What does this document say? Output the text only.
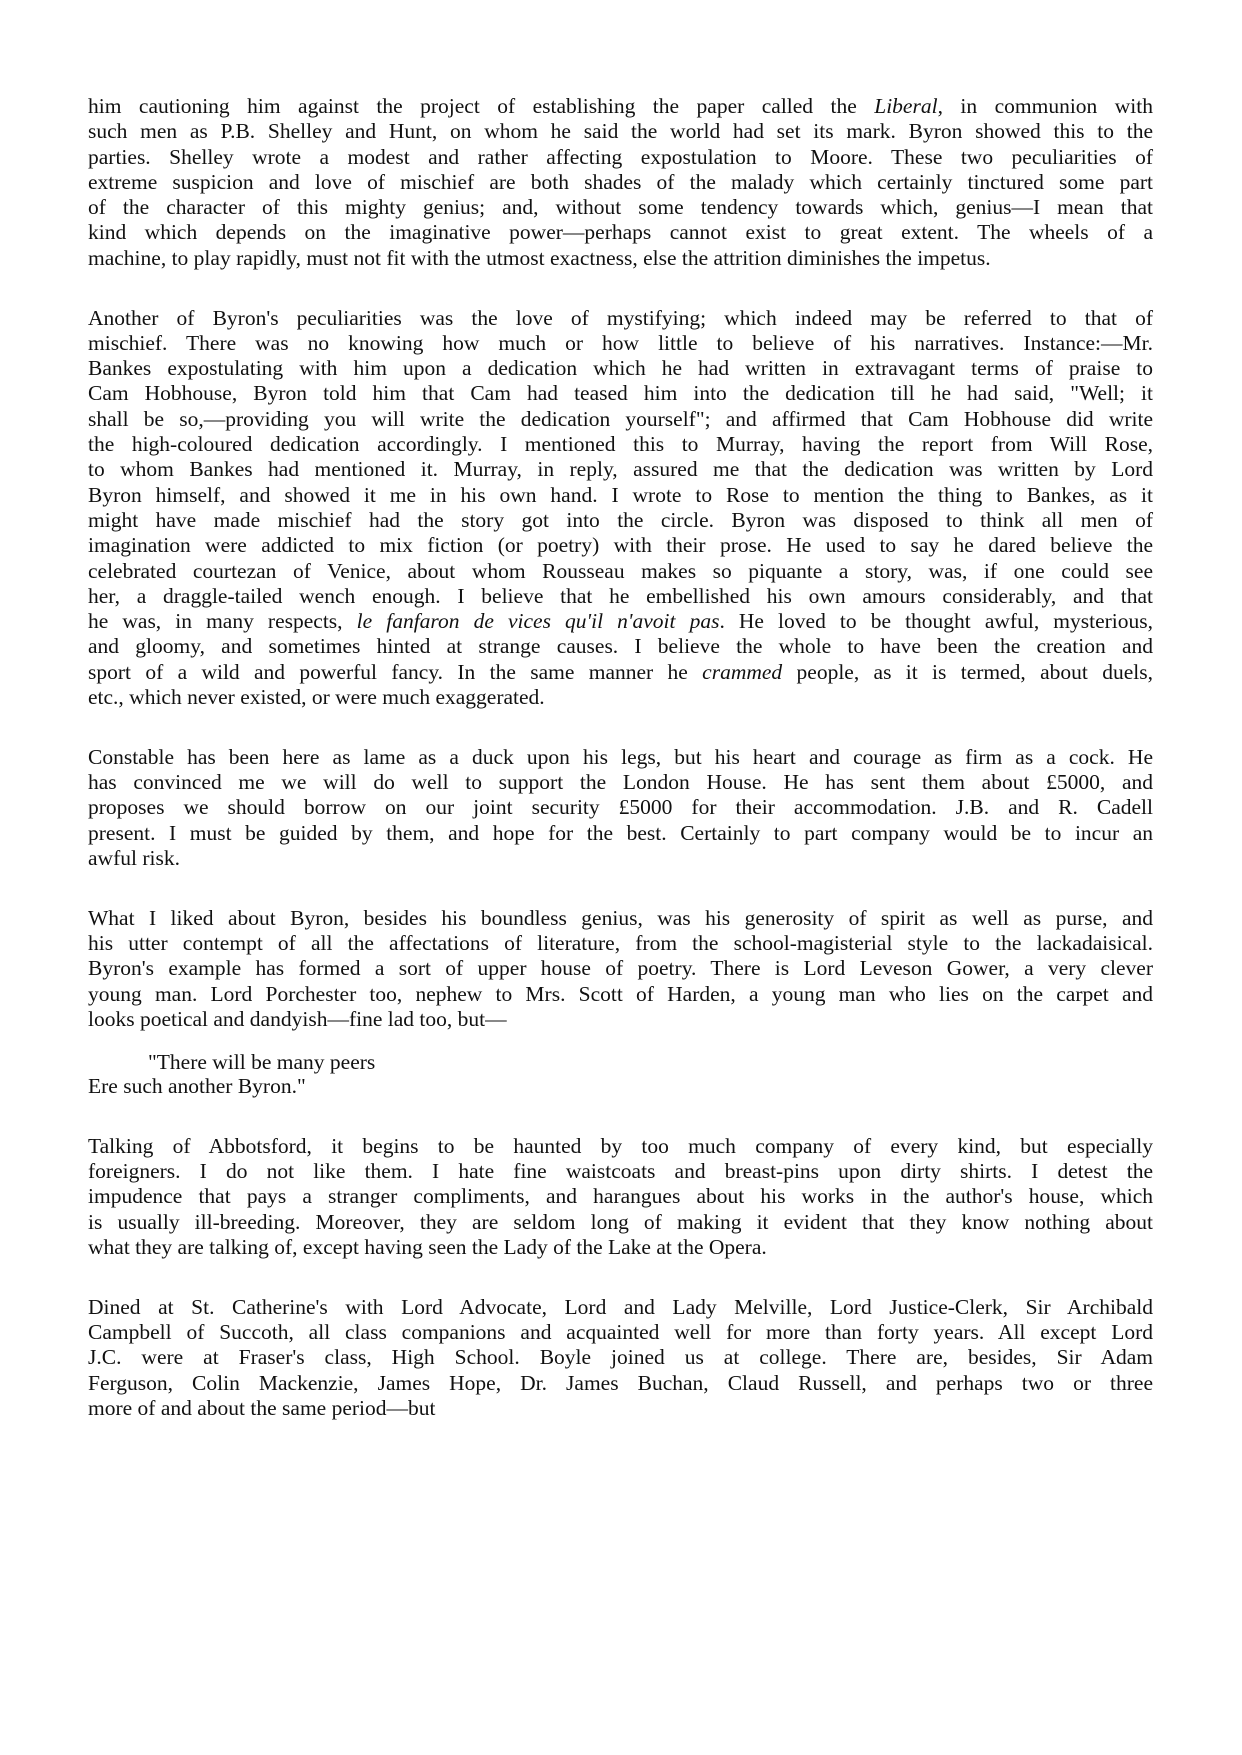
him cautioning him against the project of establishing the paper called the Liberal, in communion with
such men as P.B. Shelley and Hunt, on whom he said the world had set its mark. Byron showed this to the
parties. Shelley wrote a modest and rather affecting expostulation to Moore. These two peculiarities of
extreme suspicion and love of mischief are both shades of the malady which certainly tinctured some part
of the character of this mighty genius; and, without some tendency towards which, genius—I mean that
kind which depends on the imaginative power—perhaps cannot exist to great extent. The wheels of a
machine, to play rapidly, must not fit with the utmost exactness, else the attrition diminishes the impetus.
Another of Byron's peculiarities was the love of mystifying; which indeed may be referred to that of
mischief. There was no knowing how much or how little to believe of his narratives. Instance:—Mr.
Bankes expostulating with him upon a dedication which he had written in extravagant terms of praise to
Cam Hobhouse, Byron told him that Cam had teased him into the dedication till he had said, "Well; it
shall be so,—providing you will write the dedication yourself"; and affirmed that Cam Hobhouse did write
the high-coloured dedication accordingly. I mentioned this to Murray, having the report from Will Rose,
to whom Bankes had mentioned it. Murray, in reply, assured me that the dedication was written by Lord
Byron himself, and showed it me in his own hand. I wrote to Rose to mention the thing to Bankes, as it
might have made mischief had the story got into the circle. Byron was disposed to think all men of
imagination were addicted to mix fiction (or poetry) with their prose. He used to say he dared believe the
celebrated courtezan of Venice, about whom Rousseau makes so piquante a story, was, if one could see
her, a draggle-tailed wench enough. I believe that he embellished his own amours considerably, and that
he was, in many respects, le fanfaron de vices qu'il n'avoit pas. He loved to be thought awful, mysterious,
and gloomy, and sometimes hinted at strange causes. I believe the whole to have been the creation and
sport of a wild and powerful fancy. In the same manner he crammed people, as it is termed, about duels,
etc., which never existed, or were much exaggerated.
Constable has been here as lame as a duck upon his legs, but his heart and courage as firm as a cock. He
has convinced me we will do well to support the London House. He has sent them about £5000, and
proposes we should borrow on our joint security £5000 for their accommodation. J.B. and R. Cadell
present. I must be guided by them, and hope for the best. Certainly to part company would be to incur an
awful risk.
What I liked about Byron, besides his boundless genius, was his generosity of spirit as well as purse, and
his utter contempt of all the affectations of literature, from the school-magisterial style to the lackadaisical.
Byron's example has formed a sort of upper house of poetry. There is Lord Leveson Gower, a very clever
young man. Lord Porchester too, nephew to Mrs. Scott of Harden, a young man who lies on the carpet and
looks poetical and dandyish—fine lad too, but—
"There will be many peers
Ere such another Byron."
Talking of Abbotsford, it begins to be haunted by too much company of every kind, but especially
foreigners. I do not like them. I hate fine waistcoats and breast-pins upon dirty shirts. I detest the
impudence that pays a stranger compliments, and harangues about his works in the author's house, which
is usually ill-breeding. Moreover, they are seldom long of making it evident that they know nothing about
what they are talking of, except having seen the Lady of the Lake at the Opera.
Dined at St. Catherine's with Lord Advocate, Lord and Lady Melville, Lord Justice-Clerk, Sir Archibald
Campbell of Succoth, all class companions and acquainted well for more than forty years. All except Lord
J.C. were at Fraser's class, High School. Boyle joined us at college. There are, besides, Sir Adam
Ferguson, Colin Mackenzie, James Hope, Dr. James Buchan, Claud Russell, and perhaps two or three
more of and about the same period—but
